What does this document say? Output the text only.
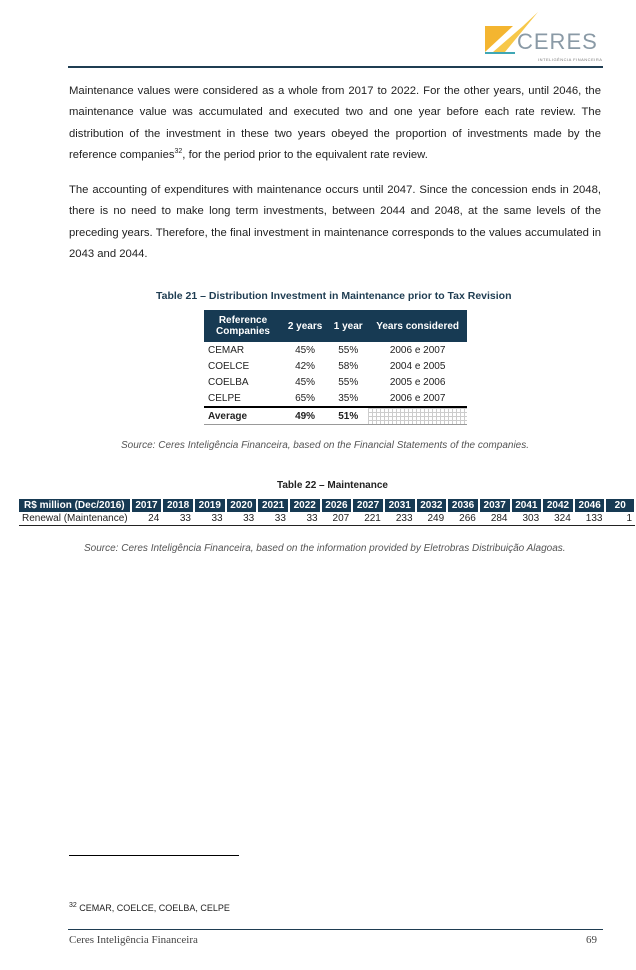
CERES
INTELIGÊNCIA FINANCEIRA

Maintenance values were considered as a whole from 2017 to 2022. For the other years, until 2046, the maintenance value was accumulated and executed two and one year before each rate review. The distribution of the investment in these two years obeyed the proportion of investments made by the reference companies$^{32}$, for the period prior to the equivalent rate review.

The accounting of expenditures with maintenance occurs until 2047. Since the concession ends in 2048, there is no need to make long term investments, between 2044 and 2048, at the same levels of the preceding years. Therefore, the final investment in maintenance corresponds to the values accumulated in 2043 and 2044.

Table 21 – Distribution Investment in Maintenance prior to Tax Revision
Reference Companies	2 years	1 year	Years considered
CEMAR	45%	55%	2006 e 2007
COELCE	42%	58%	2004 e 2005
COELBA	45%	55%	2005 e 2006
CELPE	65%	35%	2006 e 2007
Average	49%	51%	
Source: Ceres Inteligência Financeira, based on the Financial Statements of the companies.
Table 22 – Maintenance
R$ million (Dec/2016)	2017	2018	2019	2020	2021	2022	2026	2027	2031	2032	2036	2037	2041	2042	2046	20
Renewal (Maintenance)	24	33	33	33	33	33	207	221	233	249	266	284	303	324	133	1
Source: Ceres Inteligência Financeira, based on the information provided by Eletrobras Distribuição Alagoas.
$^{32}$ CEMAR, COELCE, COELBA, CELPE
Ceres Inteligência Financeira	69
